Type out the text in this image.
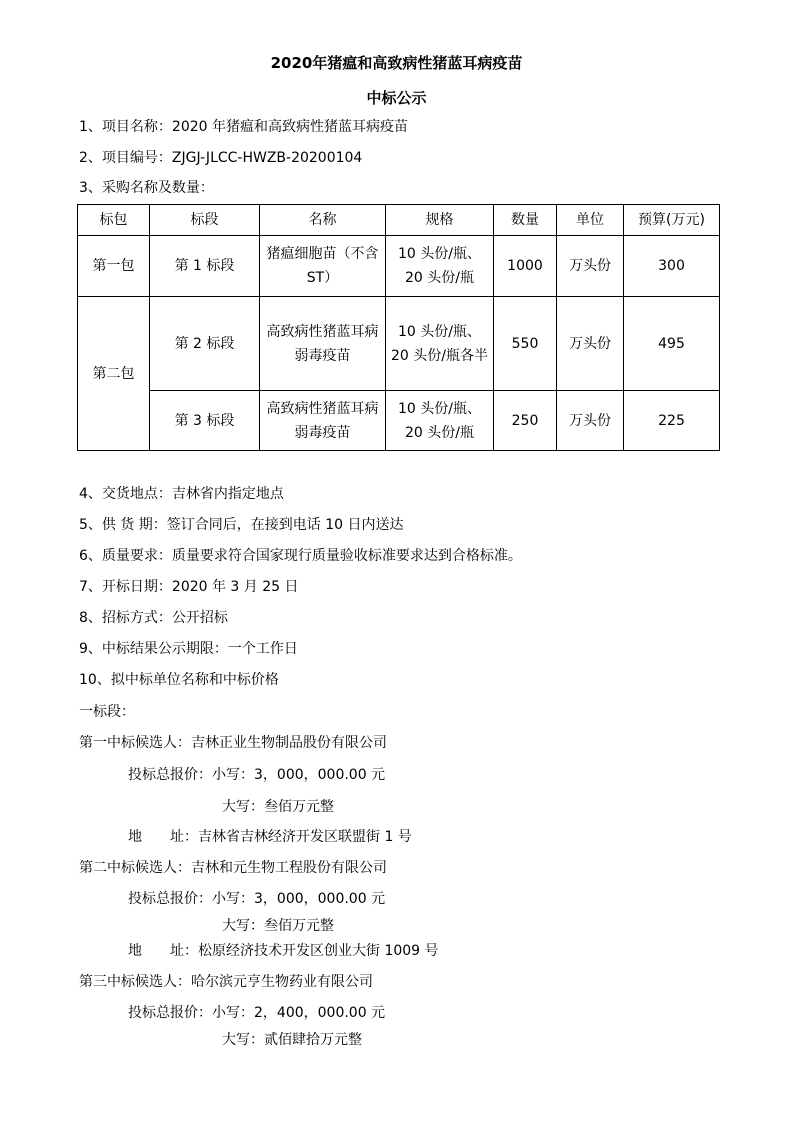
2020年猪瘟和高致病性猪蓝耳病疫苗
中标公示
1、项目名称：2020 年猪瘟和高致病性猪蓝耳病疫苗
2、项目编号：ZJGJ-JLCC-HWZB-20200104
3、采购名称及数量：
标包	标段	名称	规格	数量	单位	预算(万元)
第一包	第 1 标段	猪瘟细胞苗（不含 ST）	10 头份/瓶、20 头份/瓶	1000	万头份	300
第二包	第 2 标段	高致病性猪蓝耳病弱毒疫苗	10 头份/瓶、20 头份/瓶各半	550	万头份	495
	第 3 标段	高致病性猪蓝耳病弱毒疫苗	10 头份/瓶、20 头份/瓶	250	万头份	225
4、交货地点：吉林省内指定地点
5、供 货 期：签订合同后，在接到电话 10 日内送达
6、质量要求：质量要求符合国家现行质量验收标准要求达到合格标准。
7、开标日期：2020 年 3 月 25 日
8、招标方式：公开招标
9、中标结果公示期限：一个工作日
10、拟中标单位名称和中标价格
一标段：
第一中标候选人：吉林正业生物制品股份有限公司
投标总报价：小写：3，000，000.00 元
大写：叁佰万元整
地　　址：吉林省吉林经济开发区联盟街 1 号
第二中标候选人：吉林和元生物工程股份有限公司
投标总报价：小写：3，000，000.00 元
大写：叁佰万元整
地　　址：松原经济技术开发区创业大街 1009 号
第三中标候选人：哈尔滨元亨生物药业有限公司
投标总报价：小写：2，400，000.00 元
大写：贰佰肆拾万元整
